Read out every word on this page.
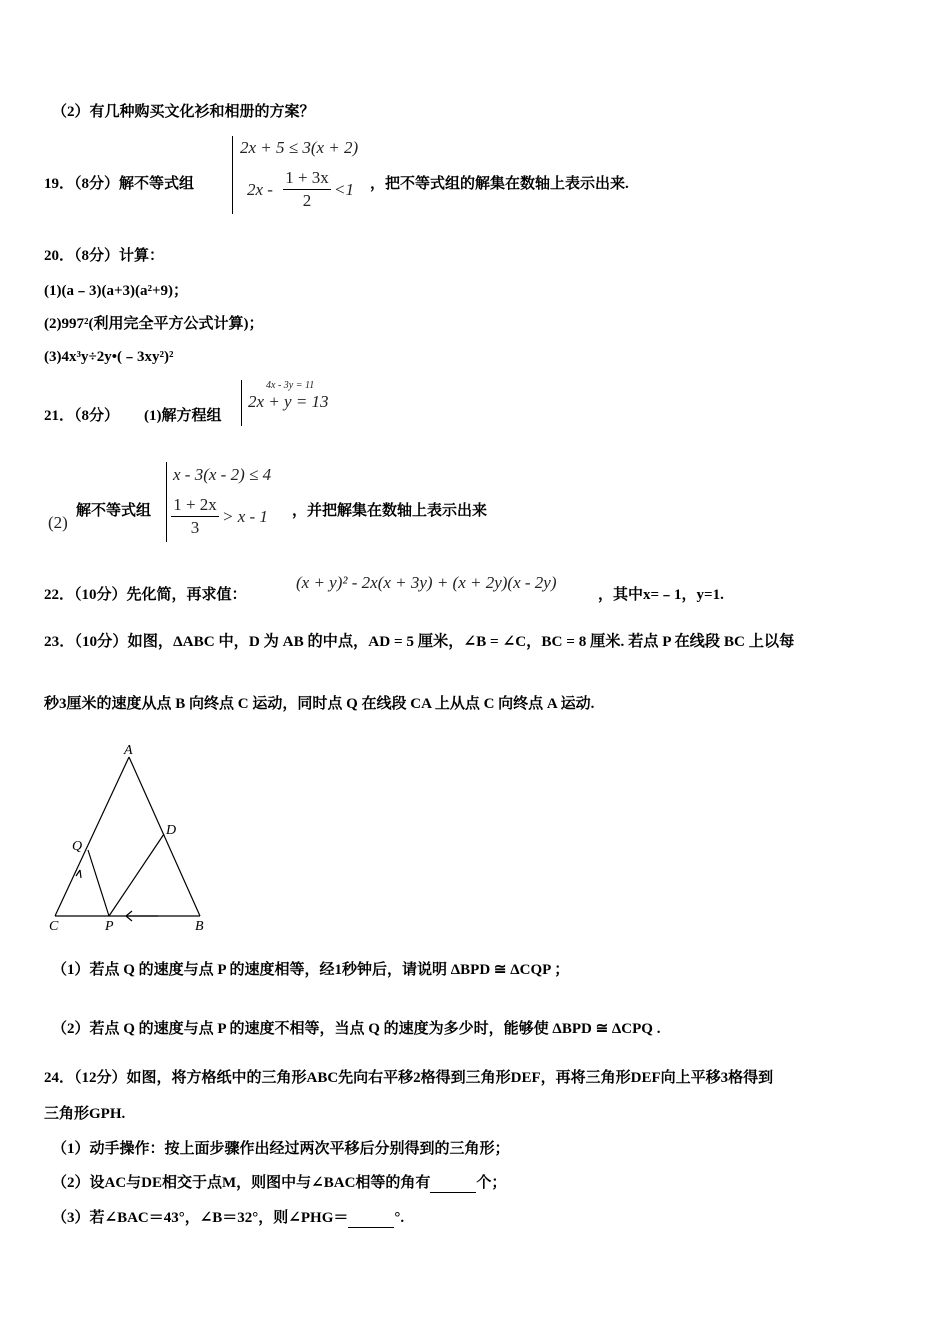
（2）有几种购买文化衫和相册的方案？
19．（8分）解不等式组
2x + 5 ≤ 3(x + 2)
2x -
1 + 3x
2
<1 ，把不等式组的解集在数轴上表示出来.
20．（8分）计算：
(1)(a﹣3)(a+3)(a²+9)；
(2)997²(利用完全平方公式计算)；
(3)4x³y÷2y•(﹣3xy²)²
21．（8分） (1)解方程组
4x - 3y = 11
2x + y = 13
(2)
解不等式组
x - 3(x - 2) ≤ 4
1 + 2x
3
> x - 1 ，并把解集在数轴上表示出来
22．（10分）先化简，再求值：
(x + y)² - 2x(x + 3y) + (x + 2y)(x - 2y)
，其中x=﹣1，y=1.
23．（10分）如图，ΔABC 中，D 为 AB 的中点，AD = 5 厘米，∠B = ∠C，BC = 8 厘米. 若点 P 在线段 BC 上以每
秒3厘米的速度从点 B 向终点 C 运动，同时点 Q 在线段 CA 上从点 C 向终点 A 运动.
A
D
Q
C	P	B
（1）若点 Q 的速度与点 P 的速度相等，经1秒钟后，请说明 ΔBPD ≅ ΔCQP ；
（2）若点 Q 的速度与点 P 的速度不相等，当点 Q 的速度为多少时，能够使 ΔBPD ≅ ΔCPQ .
24．（12分）如图，将方格纸中的三角形ABC先向右平移2格得到三角形DEF，再将三角形DEF向上平移3格得到
三角形GPH.
（1）动手操作：按上面步骤作出经过两次平移后分别得到的三角形；
（2）设AC与DE相交于点M，则图中与∠BAC相等的角有	个；
（3）若∠BAC＝43°，∠B＝32°，则∠PHG＝	°.
